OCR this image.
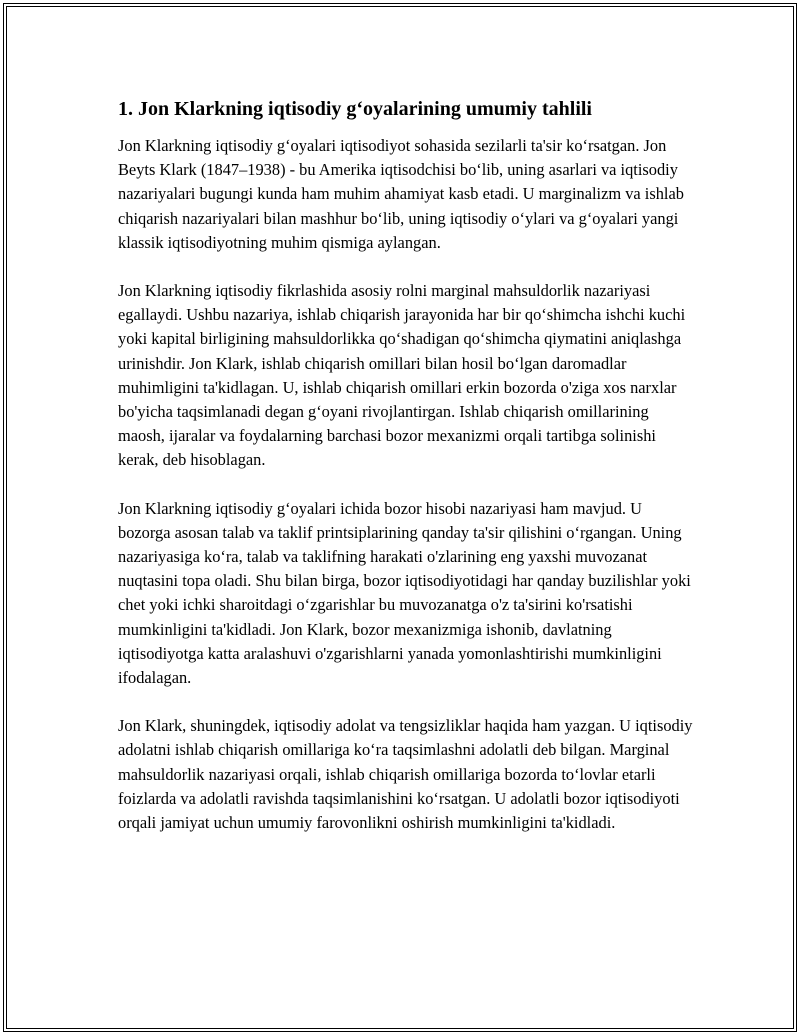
1. Jon Klarkning iqtisodiy g‘oyalarining umumiy tahlili

Jon Klarkning iqtisodiy g‘oyalari iqtisodiyot sohasida sezilarli ta'sir ko‘rsatgan. Jon Beyts Klark (1847–1938) - bu Amerika iqtisodchisi bo‘lib, uning asarlari va iqtisodiy nazariyalari bugungi kunda ham muhim ahamiyat kasb etadi. U marginalizm va ishlab chiqarish nazariyalari bilan mashhur bo‘lib, uning iqtisodiy o‘ylari va g‘oyalari yangi klassik iqtisodiyotning muhim qismiga aylangan.

Jon Klarkning iqtisodiy fikrlashida asosiy rolni marginal mahsuldorlik nazariyasi egallaydi. Ushbu nazariya, ishlab chiqarish jarayonida har bir qo‘shimcha ishchi kuchi yoki kapital birligining mahsuldorlikka qo‘shadigan qo‘shimcha qiymatini aniqlashga urinishdir. Jon Klark, ishlab chiqarish omillari bilan hosil bo‘lgan daromadlar muhimligini ta'kidlagan. U, ishlab chiqarish omillari erkin bozorda o'ziga xos narxlar bo'yicha taqsimlanadi degan g‘oyani rivojlantirgan. Ishlab chiqarish omillarining maosh, ijaralar va foydalarning barchasi bozor mexanizmi orqali tartibga solinishi kerak, deb hisoblagan.

Jon Klarkning iqtisodiy g‘oyalari ichida bozor hisobi nazariyasi ham mavjud. U bozorga asosan talab va taklif printsiplarining qanday ta'sir qilishini o‘rgangan. Uning nazariyasiga ko‘ra, talab va taklifning harakati o'zlarining eng yaxshi muvozanat nuqtasini topa oladi. Shu bilan birga, bozor iqtisodiyotidagi har qanday buzilishlar yoki chet yoki ichki sharoitdagi o‘zgarishlar bu muvozanatga o'z ta'sirini ko'rsatishi mumkinligini ta'kidladi. Jon Klark, bozor mexanizmiga ishonib, davlatning iqtisodiyotga katta aralashuvi o'zgarishlarni yanada yomonlashtirishi mumkinligini ifodalagan.

Jon Klark, shuningdek, iqtisodiy adolat va tengsizliklar haqida ham yazgan. U iqtisodiy adolatni ishlab chiqarish omillariga ko‘ra taqsimlashni adolatli deb bilgan. Marginal mahsuldorlik nazariyasi orqali, ishlab chiqarish omillariga bozorda to‘lovlar etarli foizlarda va adolatli ravishda taqsimlanishini ko‘rsatgan. U adolatli bozor iqtisodiyoti orqali jamiyat uchun umumiy farovonlikni oshirish mumkinligini ta'kidladi.
